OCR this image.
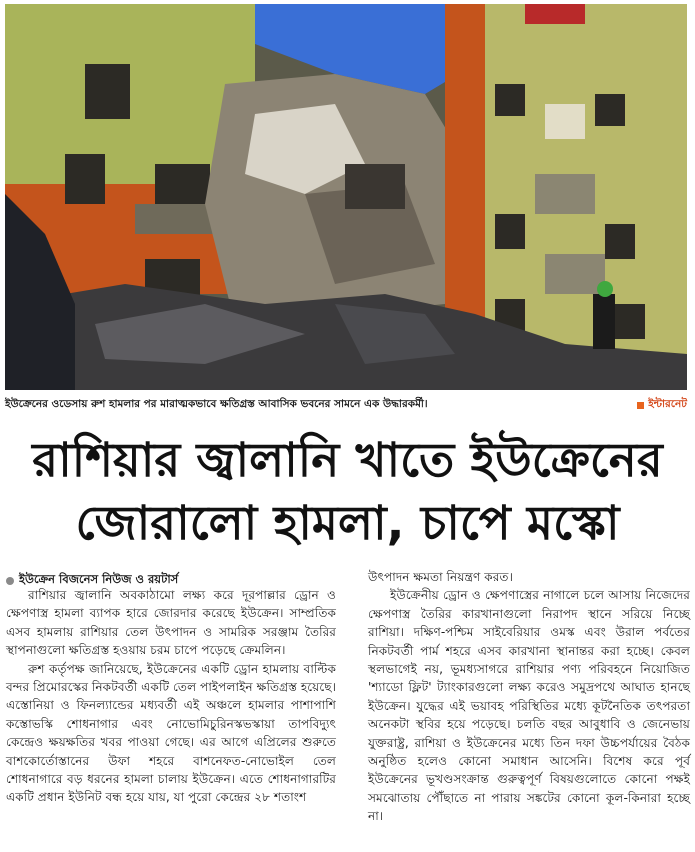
ইউক্রেনের ওডেসায় রুশ হামলার পর মারাত্মকভাবে ক্ষতিগ্রস্ত আবাসিক ভবনের সামনে এক উদ্ধারকর্মী।	ইন্টারনেট
রাশিয়ার জ্বালানি খাতে ইউক্রেনের
জোরালো হামলা, চাপে মস্কো
ইউক্রেন বিজনেস নিউজ ও রয়টার্স

রাশিয়ার জ্বালানি অবকাঠামো লক্ষ্য করে দূরপাল্লার ড্রোন ও ক্ষেপণাস্ত্র হামলা ব্যাপক হারে জোরদার করেছে ইউক্রেন। সাম্প্রতিক এসব হামলায় রাশিয়ার তেল উৎপাদন ও সামরিক সরঞ্জাম তৈরির স্থাপনাগুলো ক্ষতিগ্রস্ত হওয়ায় চরম চাপে পড়েছে ক্রেমলিন।

রুশ কর্তৃপক্ষ জানিয়েছে, ইউক্রেনের একটি ড্রোন হামলায় বাল্টিক বন্দর প্রিমোরস্কের নিকটবর্তী একটি তেল পাইপলাইন ক্ষতিগ্রস্ত হয়েছে। এস্তোনিয়া ও ফিনল্যান্ডের মধ্যবর্তী এই অঞ্চলে হামলার পাশাপাশি কস্তোভস্কি শোধনাগার এবং নোভোমিচুরিনস্কভস্কায়া তাপবিদ্যুৎ কেন্দ্রেও ক্ষয়ক্ষতির খবর পাওয়া গেছে। এর আগে এপ্রিলের শুরুতে বাশকোর্তোস্তানের উফা শহরে বাশনেফত-নোভোইল তেল শোধনাগারে বড় ধরনের হামলা চালায় ইউক্রেন। এতে শোধনাগারটির একটি প্রধান ইউনিট বন্ধ হয়ে যায়, যা পুরো কেন্দ্রের ২৮ শতাংশ

উৎপাদন ক্ষমতা নিয়ন্ত্রণ করত।

ইউক্রেনীয় ড্রোন ও ক্ষেপণাস্ত্রের নাগালে চলে আসায় নিজেদের ক্ষেপণাস্ত্র তৈরির কারখানাগুলো নিরাপদ স্থানে সরিয়ে নিচ্ছে রাশিয়া। দক্ষিণ-পশ্চিম সাইবেরিয়ার ওমস্ক এবং উরাল পর্বতের নিকটবর্তী পার্ম শহরে এসব কারখানা স্থানান্তর করা হচ্ছে। কেবল স্থলভাগেই নয়, ভূমধ্যসাগরে রাশিয়ার পণ্য পরিবহনে নিয়োজিত 'শ্যাডো ফ্লিট' ট্যাংকারগুলো লক্ষ্য করেও সমুদ্রপথে আঘাত হানছে ইউক্রেন। যুদ্ধের এই ভয়াবহ পরিস্থিতির মধ্যে কূটনৈতিক তৎপরতা অনেকটা স্থবির হয়ে পড়েছে। চলতি বছর আবুধাবি ও জেনেভায় যুক্তরাষ্ট্র, রাশিয়া ও ইউক্রেনের মধ্যে তিন দফা উচ্চপর্যায়ের বৈঠক অনুষ্ঠিত হলেও কোনো সমাধান আসেনি। বিশেষ করে পূর্ব ইউক্রেনের ভূখণ্ডসংক্রান্ত গুরুত্বপূর্ণ বিষয়গুলোতে কোনো পক্ষই সমঝোতায় পৌঁছাতে না পারায় সঙ্কটের কোনো কূল-কিনারা হচ্ছে না।
